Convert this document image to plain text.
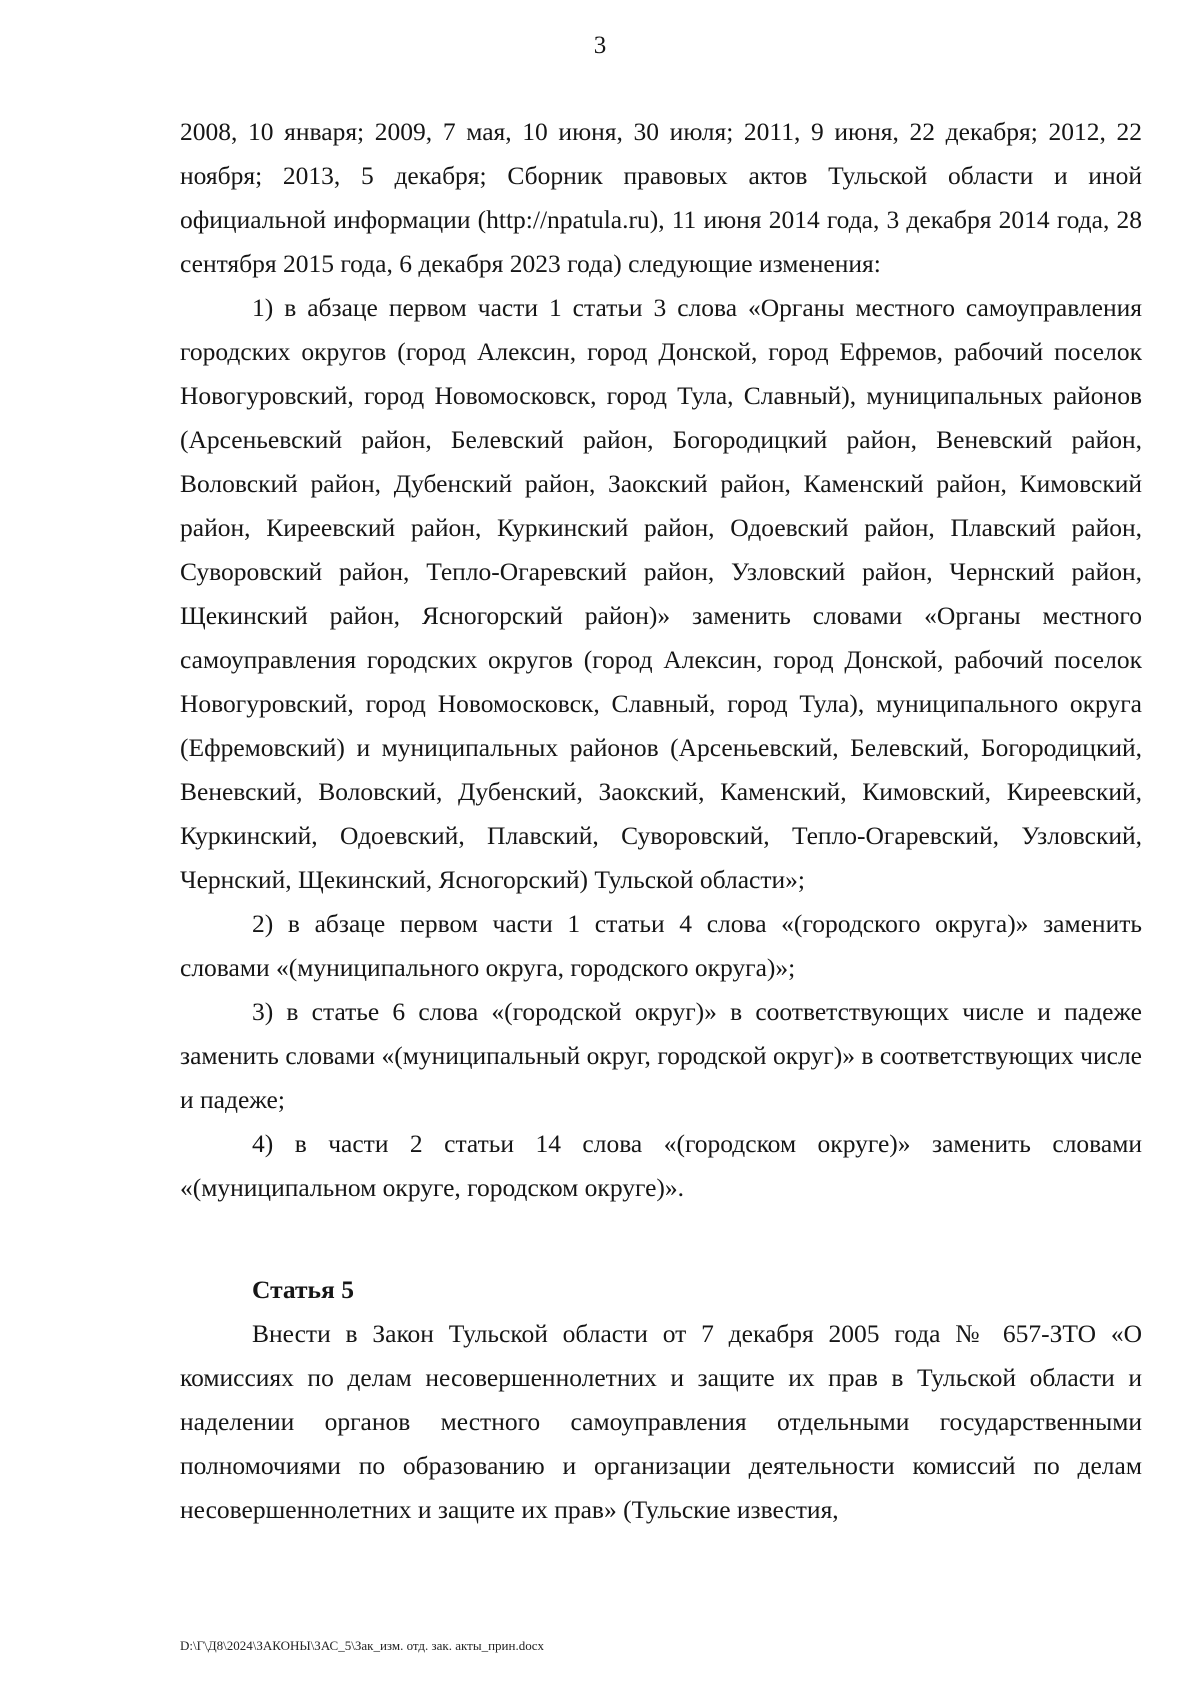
3

2008, 10 января; 2009, 7 мая, 10 июня, 30 июля; 2011, 9 июня, 22 декабря; 2012, 22 ноября; 2013, 5 декабря; Сборник правовых актов Тульской области и иной официальной информации (http://npatula.ru), 11 июня 2014 года, 3 декабря 2014 года, 28 сентября 2015 года, 6 декабря 2023 года) следующие изменения:

1) в абзаце первом части 1 статьи 3 слова «Органы местного самоуправления городских округов (город Алексин, город Донской, город Ефремов, рабочий поселок Новогуровский, город Новомосковск, город Тула, Славный), муниципальных районов (Арсеньевский район, Белевский район, Богородицкий район, Веневский район, Воловский район, Дубенский район, Заокский район, Каменский район, Кимовский район, Киреевский район, Куркинский район, Одоевский район, Плавский район, Суворовский район, Тепло-Огаревский район, Узловский район, Чернский район, Щекинский район, Ясногорский район)» заменить словами «Органы местного самоуправления городских округов (город Алексин, город Донской, рабочий поселок Новогуровский, город Новомосковск, Славный, город Тула), муниципального округа (Ефремовский) и муниципальных районов (Арсеньевский, Белевский, Богородицкий, Веневский, Воловский, Дубенский, Заокский, Каменский, Кимовский, Киреевский, Куркинский, Одоевский, Плавский, Суворовский, Тепло-Огаревский, Узловский, Чернский, Щекинский, Ясногорский) Тульской области»;

2) в абзаце первом части 1 статьи 4 слова «(городского округа)» заменить словами «(муниципального округа, городского округа)»;

3) в статье 6 слова «(городской округ)» в соответствующих числе и падеже заменить словами «(муниципальный округ, городской округ)» в соответствующих числе и падеже;

4) в части 2 статьи 14 слова «(городском округе)» заменить словами «(муниципальном округе, городском округе)».

Статья 5

Внести в Закон Тульской области от 7 декабря 2005 года № 657-ЗТО «О комиссиях по делам несовершеннолетних и защите их прав в Тульской области и наделении органов местного самоуправления отдельными государственными полномочиями по образованию и организации деятельности комиссий по делам несовершеннолетних и защите их прав» (Тульские известия,

D:\Г\Д8\2024\ЗАКОНЫ\ЗАС_5\Зак_изм. отд. зак. акты_прин.docx
